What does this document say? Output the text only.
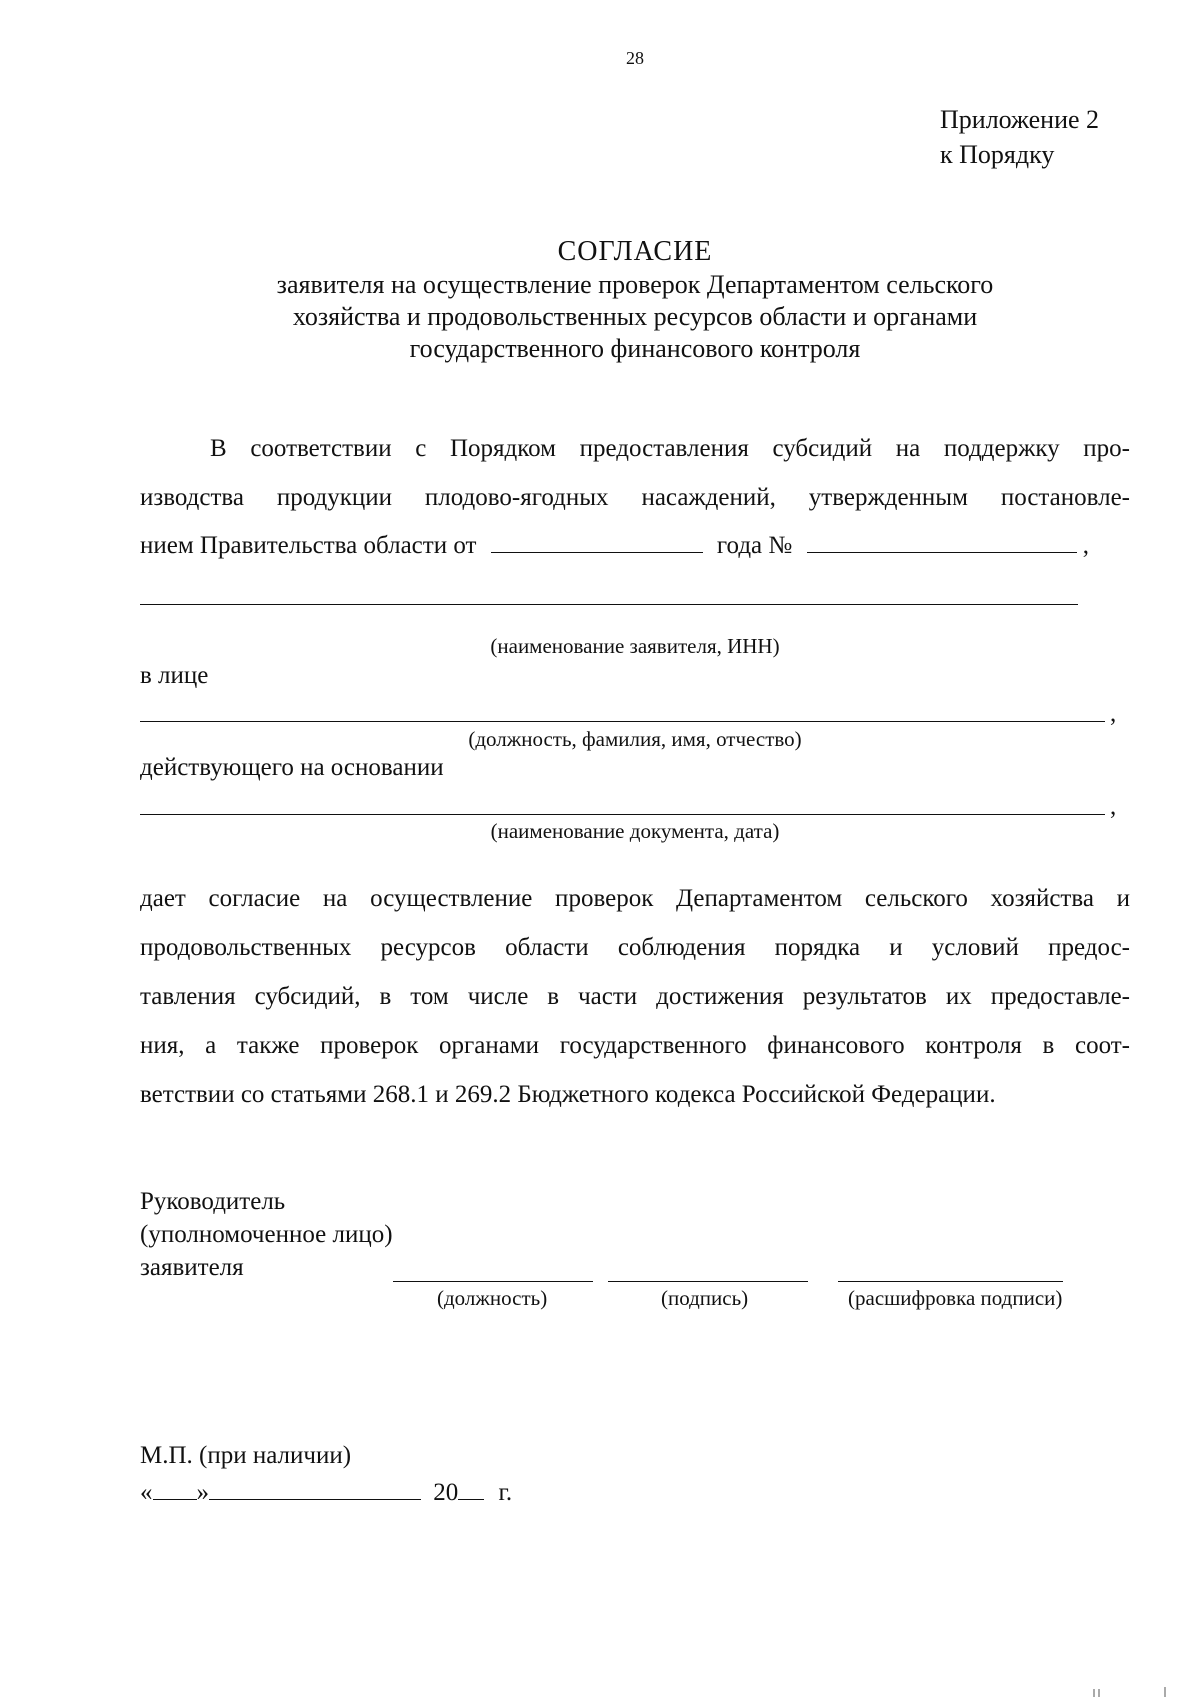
28
Приложение 2
к Порядку
СОГЛАСИЕ
заявителя на осуществление проверок Департаментом сельского
хозяйства и продовольственных ресурсов области и органами
государственного финансового контроля
В соответствии с Порядком предоставления субсидий на поддержку про-
изводства продукции плодово-ягодных насаждений, утвержденным постановле-
нием Правительства области от	года №	,
(наименование заявителя, ИНН)
в лице
,
(должность, фамилия, имя, отчество)
действующего на основании
,
(наименование документа, дата)
дает согласие на осуществление проверок Департаментом сельского хозяйства и
продовольственных ресурсов области соблюдения порядка и условий предос-
тавления субсидий, в том числе в части достижения результатов их предоставле-
ния, а также проверок органами государственного финансового контроля в соот-
ветствии со статьями 268.1 и 269.2 Бюджетного кодекса Российской Федерации.
Руководитель
(уполномоченное лицо)
заявителя
(должность)	(подпись)	(расшифровка подписи)
М.П. (при наличии)
« »	20 г.
